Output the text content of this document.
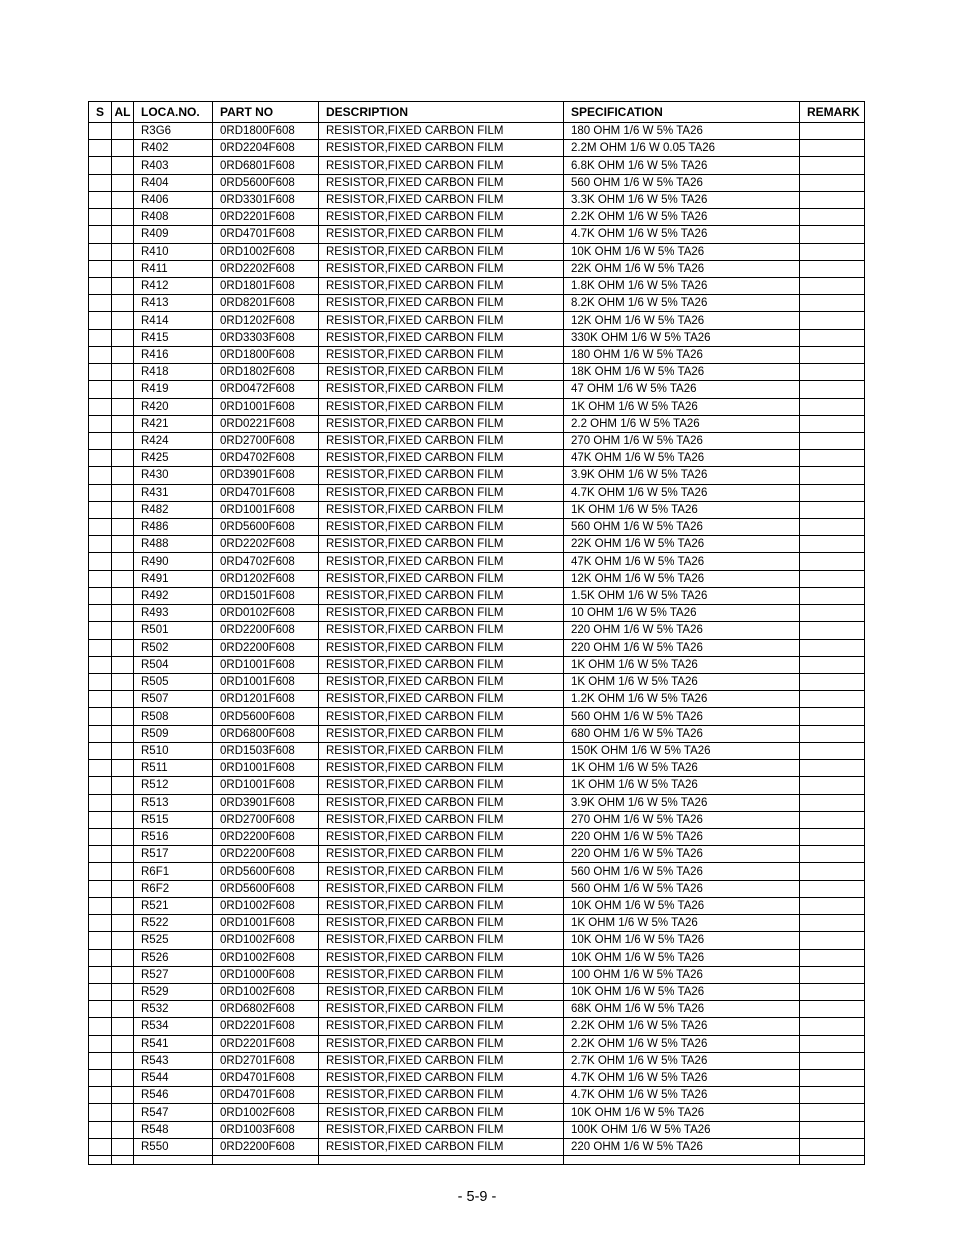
S	AL	LOCA.NO.	PART NO	DESCRIPTION	SPECIFICATION	REMARK
		R3G6	0RD1800F608	RESISTOR,FIXED CARBON FILM	180 OHM 1/6 W 5% TA26	
		R402	0RD2204F608	RESISTOR,FIXED CARBON FILM	2.2M OHM 1/6 W 0.05 TA26	
		R403	0RD6801F608	RESISTOR,FIXED CARBON FILM	6.8K OHM 1/6 W 5% TA26	
		R404	0RD5600F608	RESISTOR,FIXED CARBON FILM	560 OHM 1/6 W 5% TA26	
		R406	0RD3301F608	RESISTOR,FIXED CARBON FILM	3.3K OHM 1/6 W 5% TA26	
		R408	0RD2201F608	RESISTOR,FIXED CARBON FILM	2.2K OHM 1/6 W 5% TA26	
		R409	0RD4701F608	RESISTOR,FIXED CARBON FILM	4.7K OHM 1/6 W 5% TA26	
		R410	0RD1002F608	RESISTOR,FIXED CARBON FILM	10K OHM 1/6 W 5% TA26	
		R411	0RD2202F608	RESISTOR,FIXED CARBON FILM	22K OHM 1/6 W 5% TA26	
		R412	0RD1801F608	RESISTOR,FIXED CARBON FILM	1.8K OHM 1/6 W 5% TA26	
		R413	0RD8201F608	RESISTOR,FIXED CARBON FILM	8.2K OHM 1/6 W 5% TA26	
		R414	0RD1202F608	RESISTOR,FIXED CARBON FILM	12K OHM 1/6 W 5% TA26	
		R415	0RD3303F608	RESISTOR,FIXED CARBON FILM	330K OHM 1/6 W 5% TA26	
		R416	0RD1800F608	RESISTOR,FIXED CARBON FILM	180 OHM 1/6 W 5% TA26	
		R418	0RD1802F608	RESISTOR,FIXED CARBON FILM	18K OHM 1/6 W 5% TA26	
		R419	0RD0472F608	RESISTOR,FIXED CARBON FILM	47 OHM 1/6 W 5% TA26	
		R420	0RD1001F608	RESISTOR,FIXED CARBON FILM	1K OHM 1/6 W 5% TA26	
		R421	0RD0221F608	RESISTOR,FIXED CARBON FILM	2.2 OHM 1/6 W 5% TA26	
		R424	0RD2700F608	RESISTOR,FIXED CARBON FILM	270 OHM 1/6 W 5% TA26	
		R425	0RD4702F608	RESISTOR,FIXED CARBON FILM	47K OHM 1/6 W 5% TA26	
		R430	0RD3901F608	RESISTOR,FIXED CARBON FILM	3.9K OHM 1/6 W 5% TA26	
		R431	0RD4701F608	RESISTOR,FIXED CARBON FILM	4.7K OHM 1/6 W 5% TA26	
		R482	0RD1001F608	RESISTOR,FIXED CARBON FILM	1K OHM 1/6 W 5% TA26	
		R486	0RD5600F608	RESISTOR,FIXED CARBON FILM	560 OHM 1/6 W 5% TA26	
		R488	0RD2202F608	RESISTOR,FIXED CARBON FILM	22K OHM 1/6 W 5% TA26	
		R490	0RD4702F608	RESISTOR,FIXED CARBON FILM	47K OHM 1/6 W 5% TA26	
		R491	0RD1202F608	RESISTOR,FIXED CARBON FILM	12K OHM 1/6 W 5% TA26	
		R492	0RD1501F608	RESISTOR,FIXED CARBON FILM	1.5K OHM 1/6 W 5% TA26	
		R493	0RD0102F608	RESISTOR,FIXED CARBON FILM	10 OHM 1/6 W 5% TA26	
		R501	0RD2200F608	RESISTOR,FIXED CARBON FILM	220 OHM 1/6 W 5% TA26	
		R502	0RD2200F608	RESISTOR,FIXED CARBON FILM	220 OHM 1/6 W 5% TA26	
		R504	0RD1001F608	RESISTOR,FIXED CARBON FILM	1K OHM 1/6 W 5% TA26	
		R505	0RD1001F608	RESISTOR,FIXED CARBON FILM	1K OHM 1/6 W 5% TA26	
		R507	0RD1201F608	RESISTOR,FIXED CARBON FILM	1.2K OHM 1/6 W 5% TA26	
		R508	0RD5600F608	RESISTOR,FIXED CARBON FILM	560 OHM 1/6 W 5% TA26	
		R509	0RD6800F608	RESISTOR,FIXED CARBON FILM	680 OHM 1/6 W 5% TA26	
		R510	0RD1503F608	RESISTOR,FIXED CARBON FILM	150K OHM 1/6 W 5% TA26	
		R511	0RD1001F608	RESISTOR,FIXED CARBON FILM	1K OHM 1/6 W 5% TA26	
		R512	0RD1001F608	RESISTOR,FIXED CARBON FILM	1K OHM 1/6 W 5% TA26	
		R513	0RD3901F608	RESISTOR,FIXED CARBON FILM	3.9K OHM 1/6 W 5% TA26	
		R515	0RD2700F608	RESISTOR,FIXED CARBON FILM	270 OHM 1/6 W 5% TA26	
		R516	0RD2200F608	RESISTOR,FIXED CARBON FILM	220 OHM 1/6 W 5% TA26	
		R517	0RD2200F608	RESISTOR,FIXED CARBON FILM	220 OHM 1/6 W 5% TA26	
		R6F1	0RD5600F608	RESISTOR,FIXED CARBON FILM	560 OHM 1/6 W 5% TA26	
		R6F2	0RD5600F608	RESISTOR,FIXED CARBON FILM	560 OHM 1/6 W 5% TA26	
		R521	0RD1002F608	RESISTOR,FIXED CARBON FILM	10K OHM 1/6 W 5% TA26	
		R522	0RD1001F608	RESISTOR,FIXED CARBON FILM	1K OHM 1/6 W 5% TA26	
		R525	0RD1002F608	RESISTOR,FIXED CARBON FILM	10K OHM 1/6 W 5% TA26	
		R526	0RD1002F608	RESISTOR,FIXED CARBON FILM	10K OHM 1/6 W 5% TA26	
		R527	0RD1000F608	RESISTOR,FIXED CARBON FILM	100 OHM 1/6 W 5% TA26	
		R529	0RD1002F608	RESISTOR,FIXED CARBON FILM	10K OHM 1/6 W 5% TA26	
		R532	0RD6802F608	RESISTOR,FIXED CARBON FILM	68K OHM 1/6 W 5% TA26	
		R534	0RD2201F608	RESISTOR,FIXED CARBON FILM	2.2K OHM 1/6 W 5% TA26	
		R541	0RD2201F608	RESISTOR,FIXED CARBON FILM	2.2K OHM 1/6 W 5% TA26	
		R543	0RD2701F608	RESISTOR,FIXED CARBON FILM	2.7K OHM 1/6 W 5% TA26	
		R544	0RD4701F608	RESISTOR,FIXED CARBON FILM	4.7K OHM 1/6 W 5% TA26	
		R546	0RD4701F608	RESISTOR,FIXED CARBON FILM	4.7K OHM 1/6 W 5% TA26	
		R547	0RD1002F608	RESISTOR,FIXED CARBON FILM	10K OHM 1/6 W 5% TA26	
		R548	0RD1003F608	RESISTOR,FIXED CARBON FILM	100K OHM 1/6 W 5% TA26	
		R550	0RD2200F608	RESISTOR,FIXED CARBON FILM	220 OHM 1/6 W 5% TA26	

- 5-9 -
